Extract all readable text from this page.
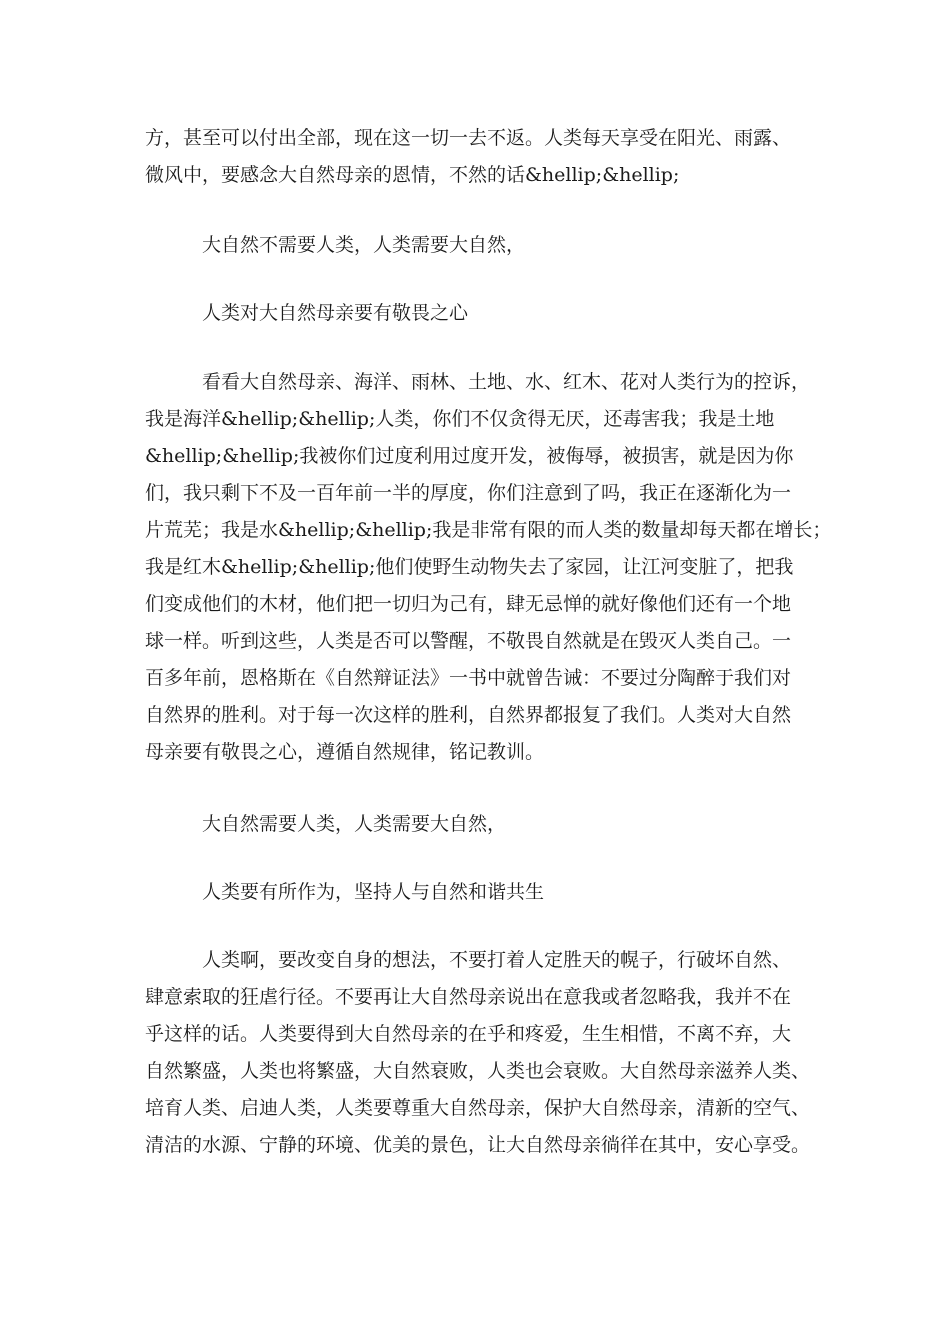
方，甚至可以付出全部，现在这一切一去不返。人类每天享受在阳光、雨露、
微风中，要感念大自然母亲的恩情，不然的话&hellip;&hellip;

大自然不需要人类，人类需要大自然，

人类对大自然母亲要有敬畏之心

看看大自然母亲、海洋、雨林、土地、水、红木、花对人类行为的控诉，
我是海洋&hellip;&hellip;人类，你们不仅贪得无厌，还毒害我；我是土地
&hellip;&hellip;我被你们过度利用过度开发，被侮辱，被损害，就是因为你
们，我只剩下不及一百年前一半的厚度，你们注意到了吗，我正在逐渐化为一
片荒芜；我是水&hellip;&hellip;我是非常有限的而人类的数量却每天都在增长；
我是红木&hellip;&hellip;他们使野生动物失去了家园，让江河变脏了，把我
们变成他们的木材，他们把一切归为己有，肆无忌惮的就好像他们还有一个地
球一样。听到这些，人类是否可以警醒，不敬畏自然就是在毁灭人类自己。一
百多年前，恩格斯在《自然辩证法》一书中就曾告诫：不要过分陶醉于我们对
自然界的胜利。对于每一次这样的胜利，自然界都报复了我们。人类对大自然
母亲要有敬畏之心，遵循自然规律，铭记教训。

大自然需要人类，人类需要大自然，

人类要有所作为，坚持人与自然和谐共生

人类啊，要改变自身的想法，不要打着人定胜天的幌子，行破坏自然、
肆意索取的狂虐行径。不要再让大自然母亲说出在意我或者忽略我，我并不在
乎这样的话。人类要得到大自然母亲的在乎和疼爱，生生相惜，不离不弃，大
自然繁盛，人类也将繁盛，大自然衰败，人类也会衰败。大自然母亲滋养人类、
培育人类、启迪人类，人类要尊重大自然母亲，保护大自然母亲，清新的空气、
清洁的水源、宁静的环境、优美的景色，让大自然母亲徜徉在其中，安心享受。
